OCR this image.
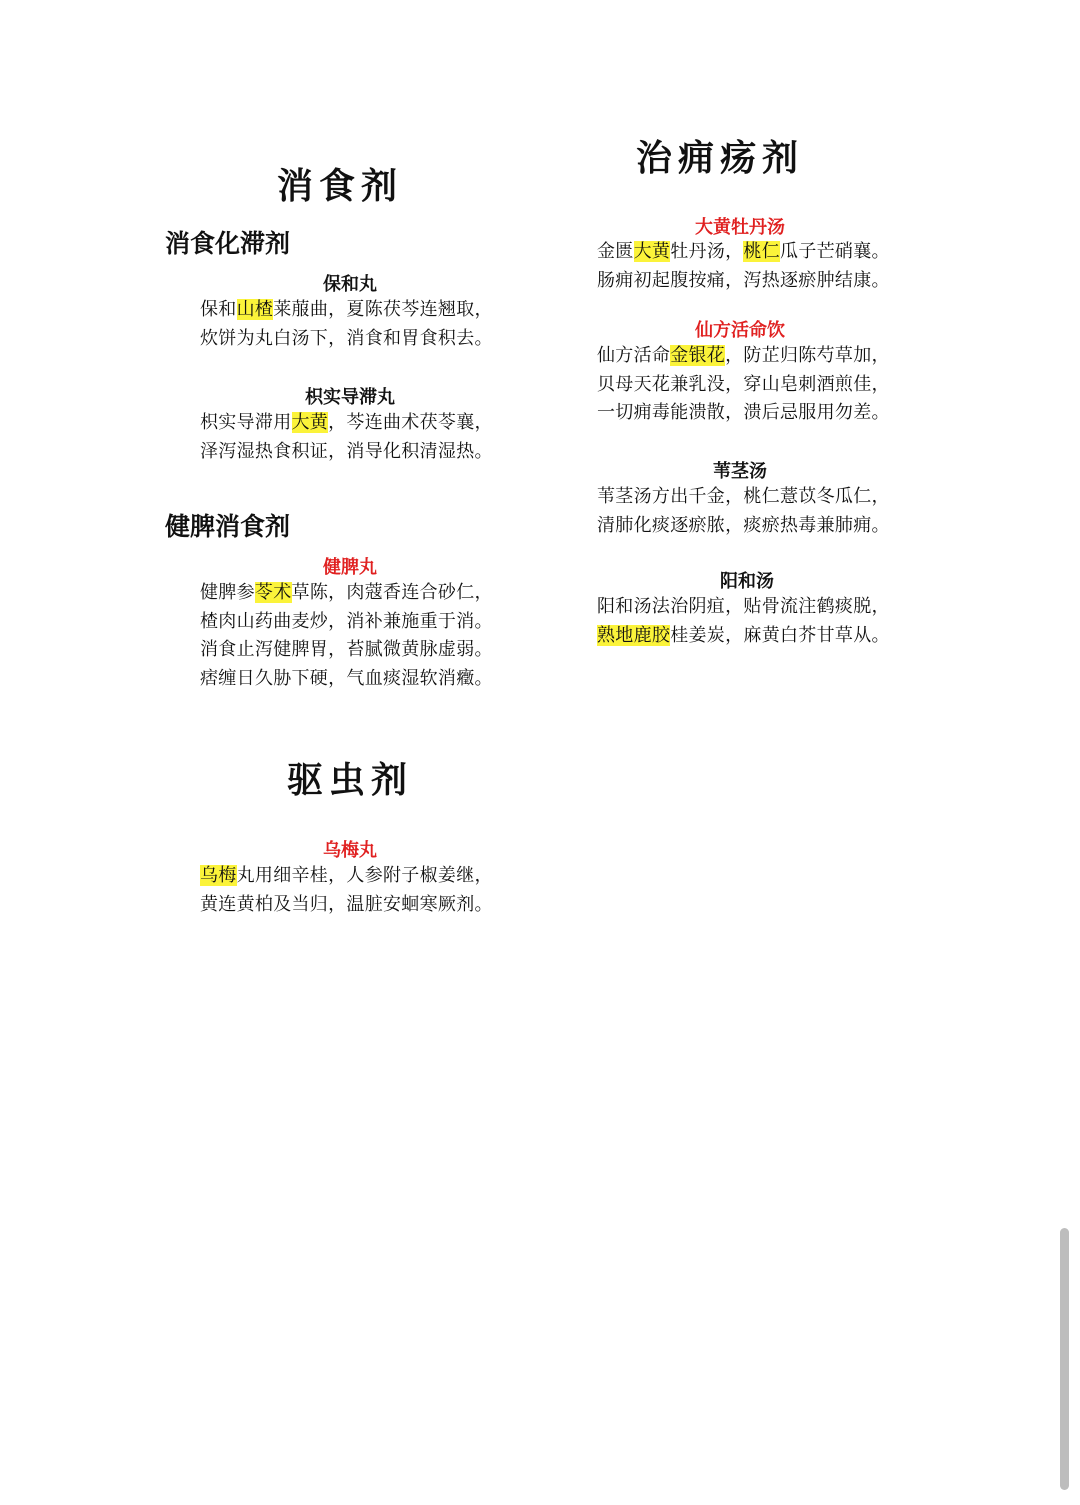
消食剂
消食化滞剂
保和丸
保和山楂莱菔曲，夏陈茯芩连翘取，
炊饼为丸白汤下，消食和胃食积去。
枳实导滞丸
枳实导滞用大黄，芩连曲术茯苓襄，
泽泻湿热食积证，消导化积清湿热。
健脾消食剂
健脾丸
健脾参苓术草陈，肉蔻香连合砂仁，
楂肉山药曲麦炒，消补兼施重于消。
消食止泻健脾胃，苔腻微黄脉虚弱。
痞缠日久胁下硬，气血痰湿软消癥。
驱虫剂
乌梅丸
乌梅丸用细辛桂，人参附子椒姜继，
黄连黄柏及当归，温脏安蛔寒厥剂。
治痈疡剂
大黄牡丹汤
金匮大黄牡丹汤，桃仁瓜子芒硝襄。
肠痈初起腹按痛，泻热逐瘀肿结康。
仙方活命饮
仙方活命金银花，防芷归陈芍草加，
贝母天花兼乳没，穿山皂刺酒煎佳，
一切痈毒能溃散，溃后忌服用勿差。
苇茎汤
苇茎汤方出千金，桃仁薏苡冬瓜仁，
清肺化痰逐瘀脓，痰瘀热毒兼肺痈。
阳和汤
阳和汤法治阴疽，贴骨流注鹤痰脱，
熟地鹿胶桂姜炭，麻黄白芥甘草从。
